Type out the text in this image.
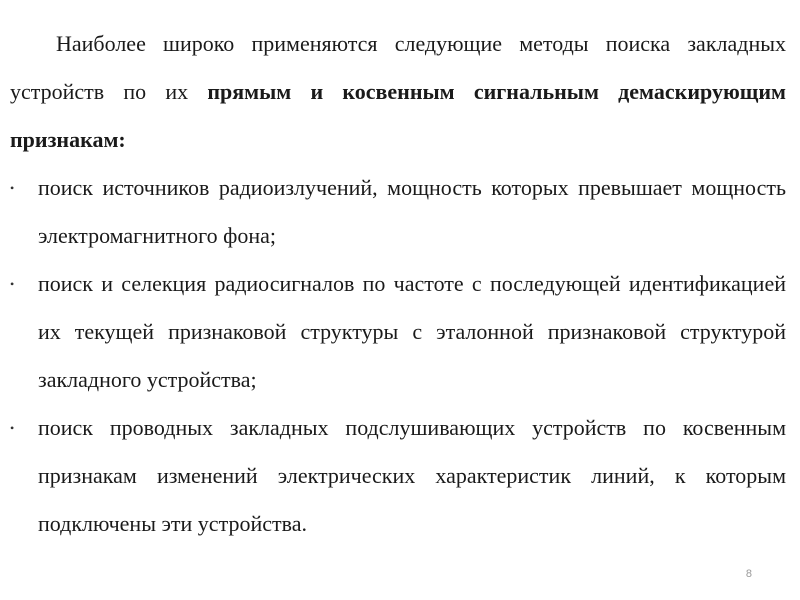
Наиболее широко применяются следующие методы поиска закладных устройств по их прямым и косвенным сигнальным демаскирующим признакам:

• поиск источников радиоизлучений, мощность которых превышает мощность электромагнитного фона;
• поиск и селекция радиосигналов по частоте с последующей идентификацией их текущей признаковой структуры с эталонной признаковой структурой закладного устройства;
• поиск проводных закладных подслушивающих устройств по косвенным признакам изменений электрических характеристик линий, к которым подключены эти устройства.
8
